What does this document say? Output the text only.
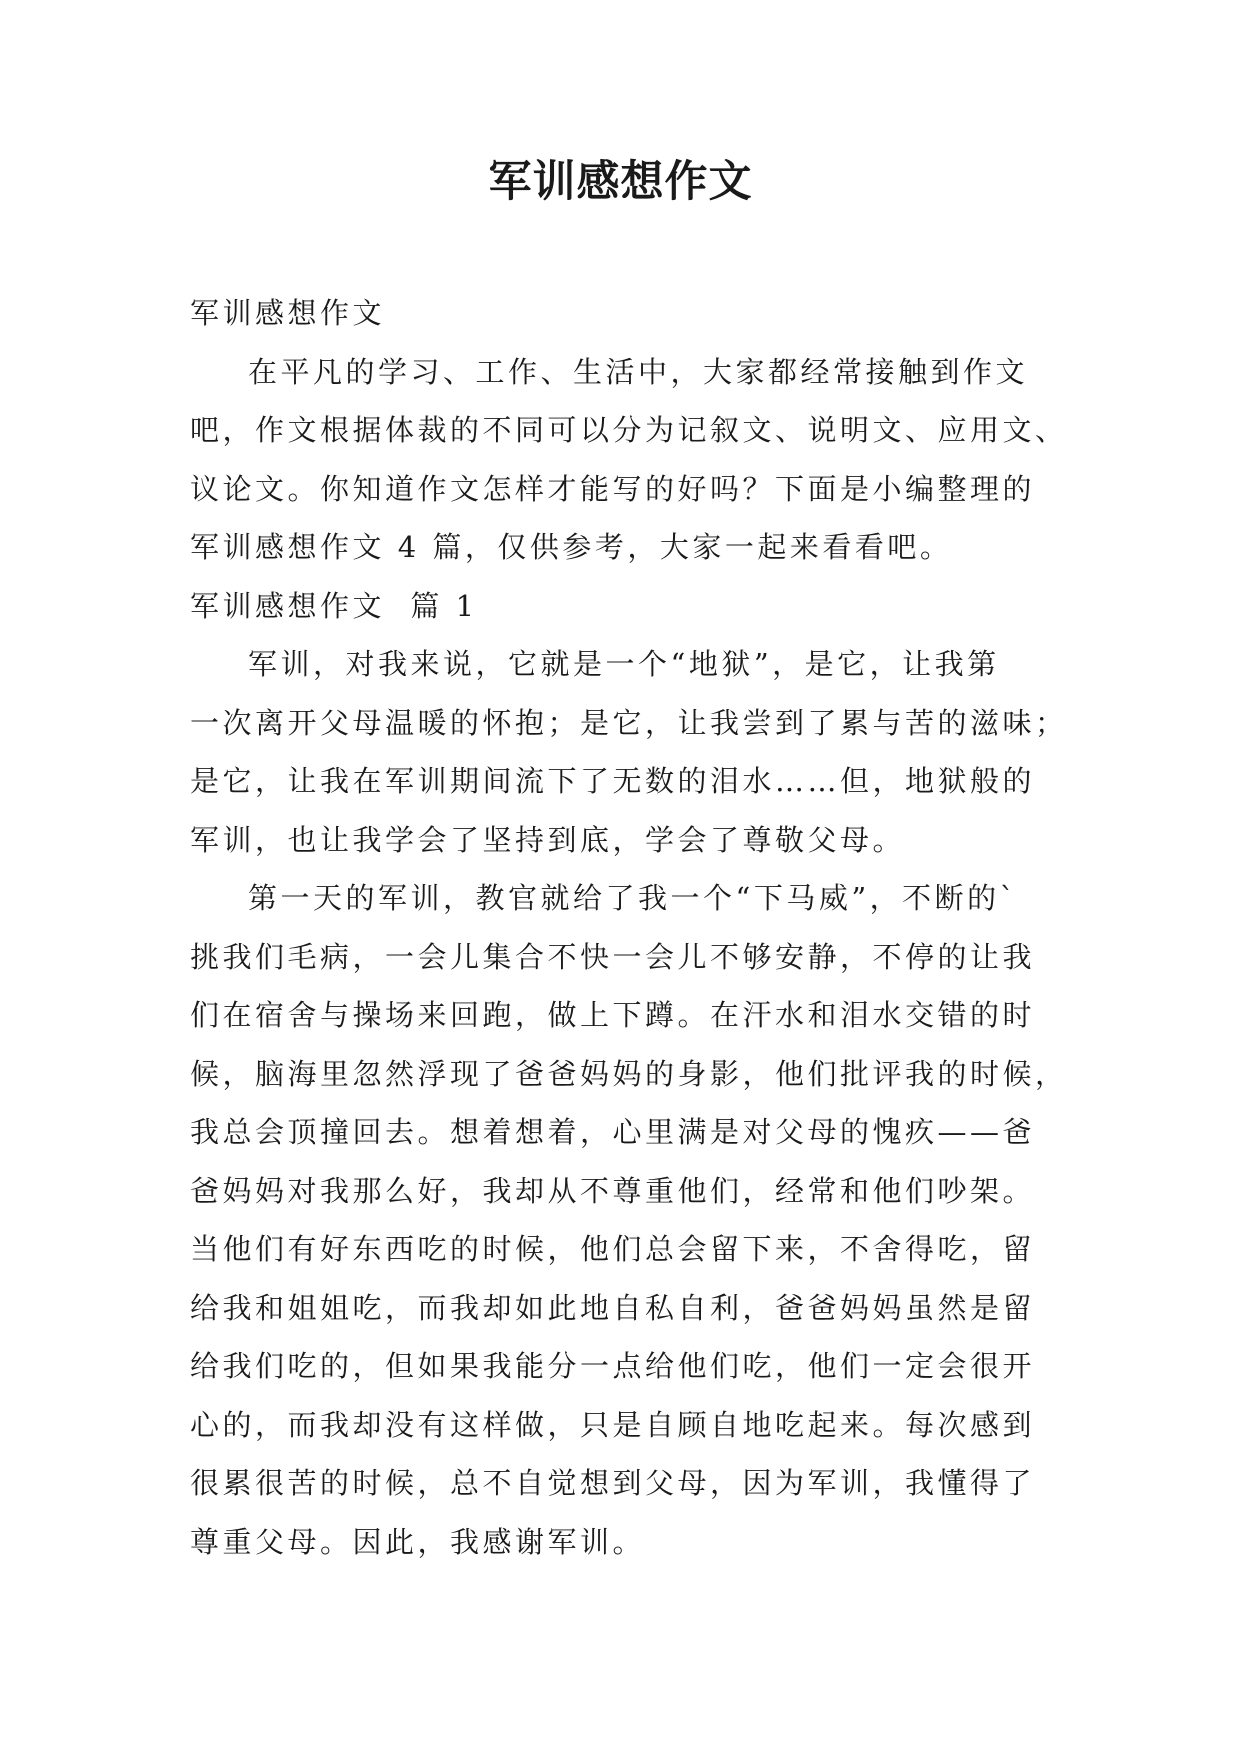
军训感想作文

军训感想作文

在平凡的学习、工作、生活中，大家都经常接触到作文
吧，作文根据体裁的不同可以分为记叙文、说明文、应用文、
议论文。你知道作文怎样才能写的好吗？下面是小编整理的
军训感想作文 4 篇，仅供参考，大家一起来看看吧。

军训感想作文  篇 1

军训，对我来说，它就是一个“地狱”，是它，让我第
一次离开父母温暖的怀抱；是它，让我尝到了累与苦的滋味；
是它，让我在军训期间流下了无数的泪水……但，地狱般的
军训，也让我学会了坚持到底，学会了尊敬父母。

第一天的军训，教官就给了我一个“下马威”，不断的`
挑我们毛病，一会儿集合不快一会儿不够安静，不停的让我
们在宿舍与操场来回跑，做上下蹲。在汗水和泪水交错的时
候，脑海里忽然浮现了爸爸妈妈的身影，他们批评我的时候，
我总会顶撞回去。想着想着，心里满是对父母的愧疚——爸
爸妈妈对我那么好，我却从不尊重他们，经常和他们吵架。
当他们有好东西吃的时候，他们总会留下来，不舍得吃，留
给我和姐姐吃，而我却如此地自私自利，爸爸妈妈虽然是留
给我们吃的，但如果我能分一点给他们吃，他们一定会很开
心的，而我却没有这样做，只是自顾自地吃起来。每次感到
很累很苦的时候，总不自觉想到父母，因为军训，我懂得了
尊重父母。因此，我感谢军训。
